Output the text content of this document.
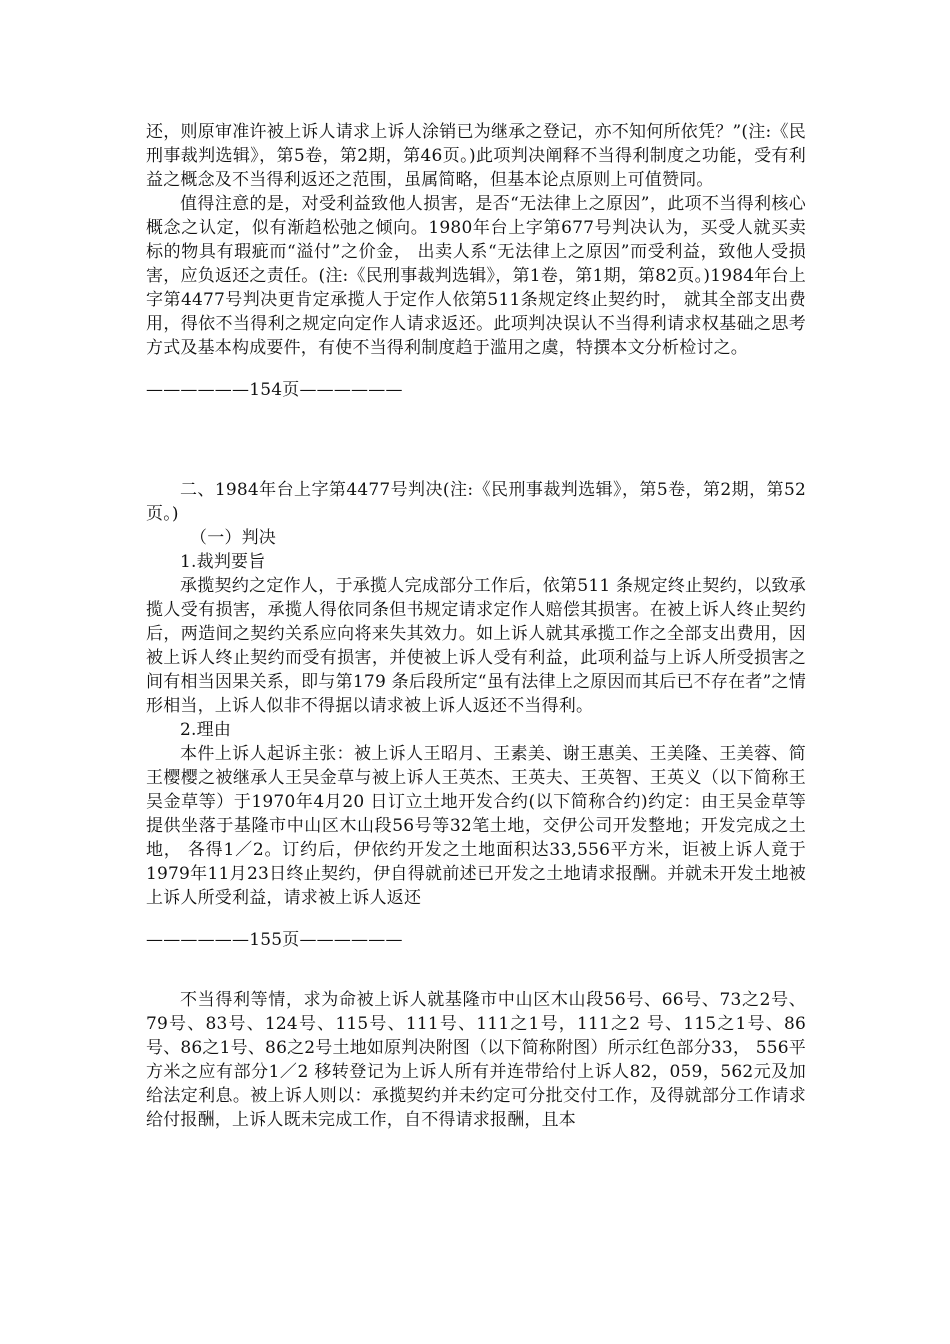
还，则原审准许被上诉人请求上诉人涂销已为继承之登记，亦不知何所依凭？”(注:《民刑事裁判选辑》，第5卷，第2期，第46页。)此项判决阐释不当得利制度之功能，受有利益之概念及不当得利返还之范围，虽属简略，但基本论点原则上可值赞同。

值得注意的是，对受利益致他人损害，是否“无法律上之原因”，此项不当得利核心概念之认定，似有渐趋松弛之倾向。1980年台上字第677号判决认为，买受人就买卖标的物具有瑕疵而“溢付”之价金， 出卖人系“无法律上之原因”而受利益，致他人受损害，应负返还之责任。(注:《民刑事裁判选辑》，第1卷，第1期，第82页。)1984年台上字第4477号判决更肯定承揽人于定作人依第511条规定终止契约时， 就其全部支出费用，得依不当得利之规定向定作人请求返还。此项判决误认不当得利请求权基础之思考方式及基本构成要件，有使不当得利制度趋于滥用之虞，特撰本文分析检讨之。

——————154页——————

二、1984年台上字第4477号判决(注:《民刑事裁判选辑》，第5卷，第2期，第52页。)

（一）判决

1.裁判要旨

承揽契约之定作人，于承揽人完成部分工作后，依第511 条规定终止契约，以致承揽人受有损害，承揽人得依同条但书规定请求定作人赔偿其损害。在被上诉人终止契约后，两造间之契约关系应向将来失其效力。如上诉人就其承揽工作之全部支出费用，因被上诉人终止契约而受有损害，并使被上诉人受有利益，此项利益与上诉人所受损害之间有相当因果关系，即与第179 条后段所定“虽有法律上之原因而其后已不存在者”之情形相当，上诉人似非不得据以请求被上诉人返还不当得利。

2.理由

本件上诉人起诉主张：被上诉人王昭月、王素美、谢王惠美、王美隆、王美蓉、简王樱樱之被继承人王吴金草与被上诉人王英杰、王英夫、王英智、王英义（以下简称王吴金草等）于1970年4月20 日订立土地开发合约(以下简称合约)约定：由王吴金草等提供坐落于基隆市中山区木山段56号等32笔土地，交伊公司开发整地；开发完成之土地， 各得1／2。订约后，伊依约开发之土地面积达33,556平方米，讵被上诉人竟于1979年11月23日终止契约，伊自得就前述已开发之土地请求报酬。并就未开发土地被上诉人所受利益，请求被上诉人返还

——————155页——————

不当得利等情，求为命被上诉人就基隆市中山区木山段56号、66号、73之2号、79号、83号、124号、115号、111号、111之1号，111之2 号、115之1号、86号、86之1号、86之2号土地如原判决附图（以下简称附图）所示红色部分33， 556平方米之应有部分1／2 移转登记为上诉人所有并连带给付上诉人82，059，562元及加给法定利息。被上诉人则以：承揽契约并未约定可分批交付工作，及得就部分工作请求给付报酬，上诉人既未完成工作，自不得请求报酬，且本
